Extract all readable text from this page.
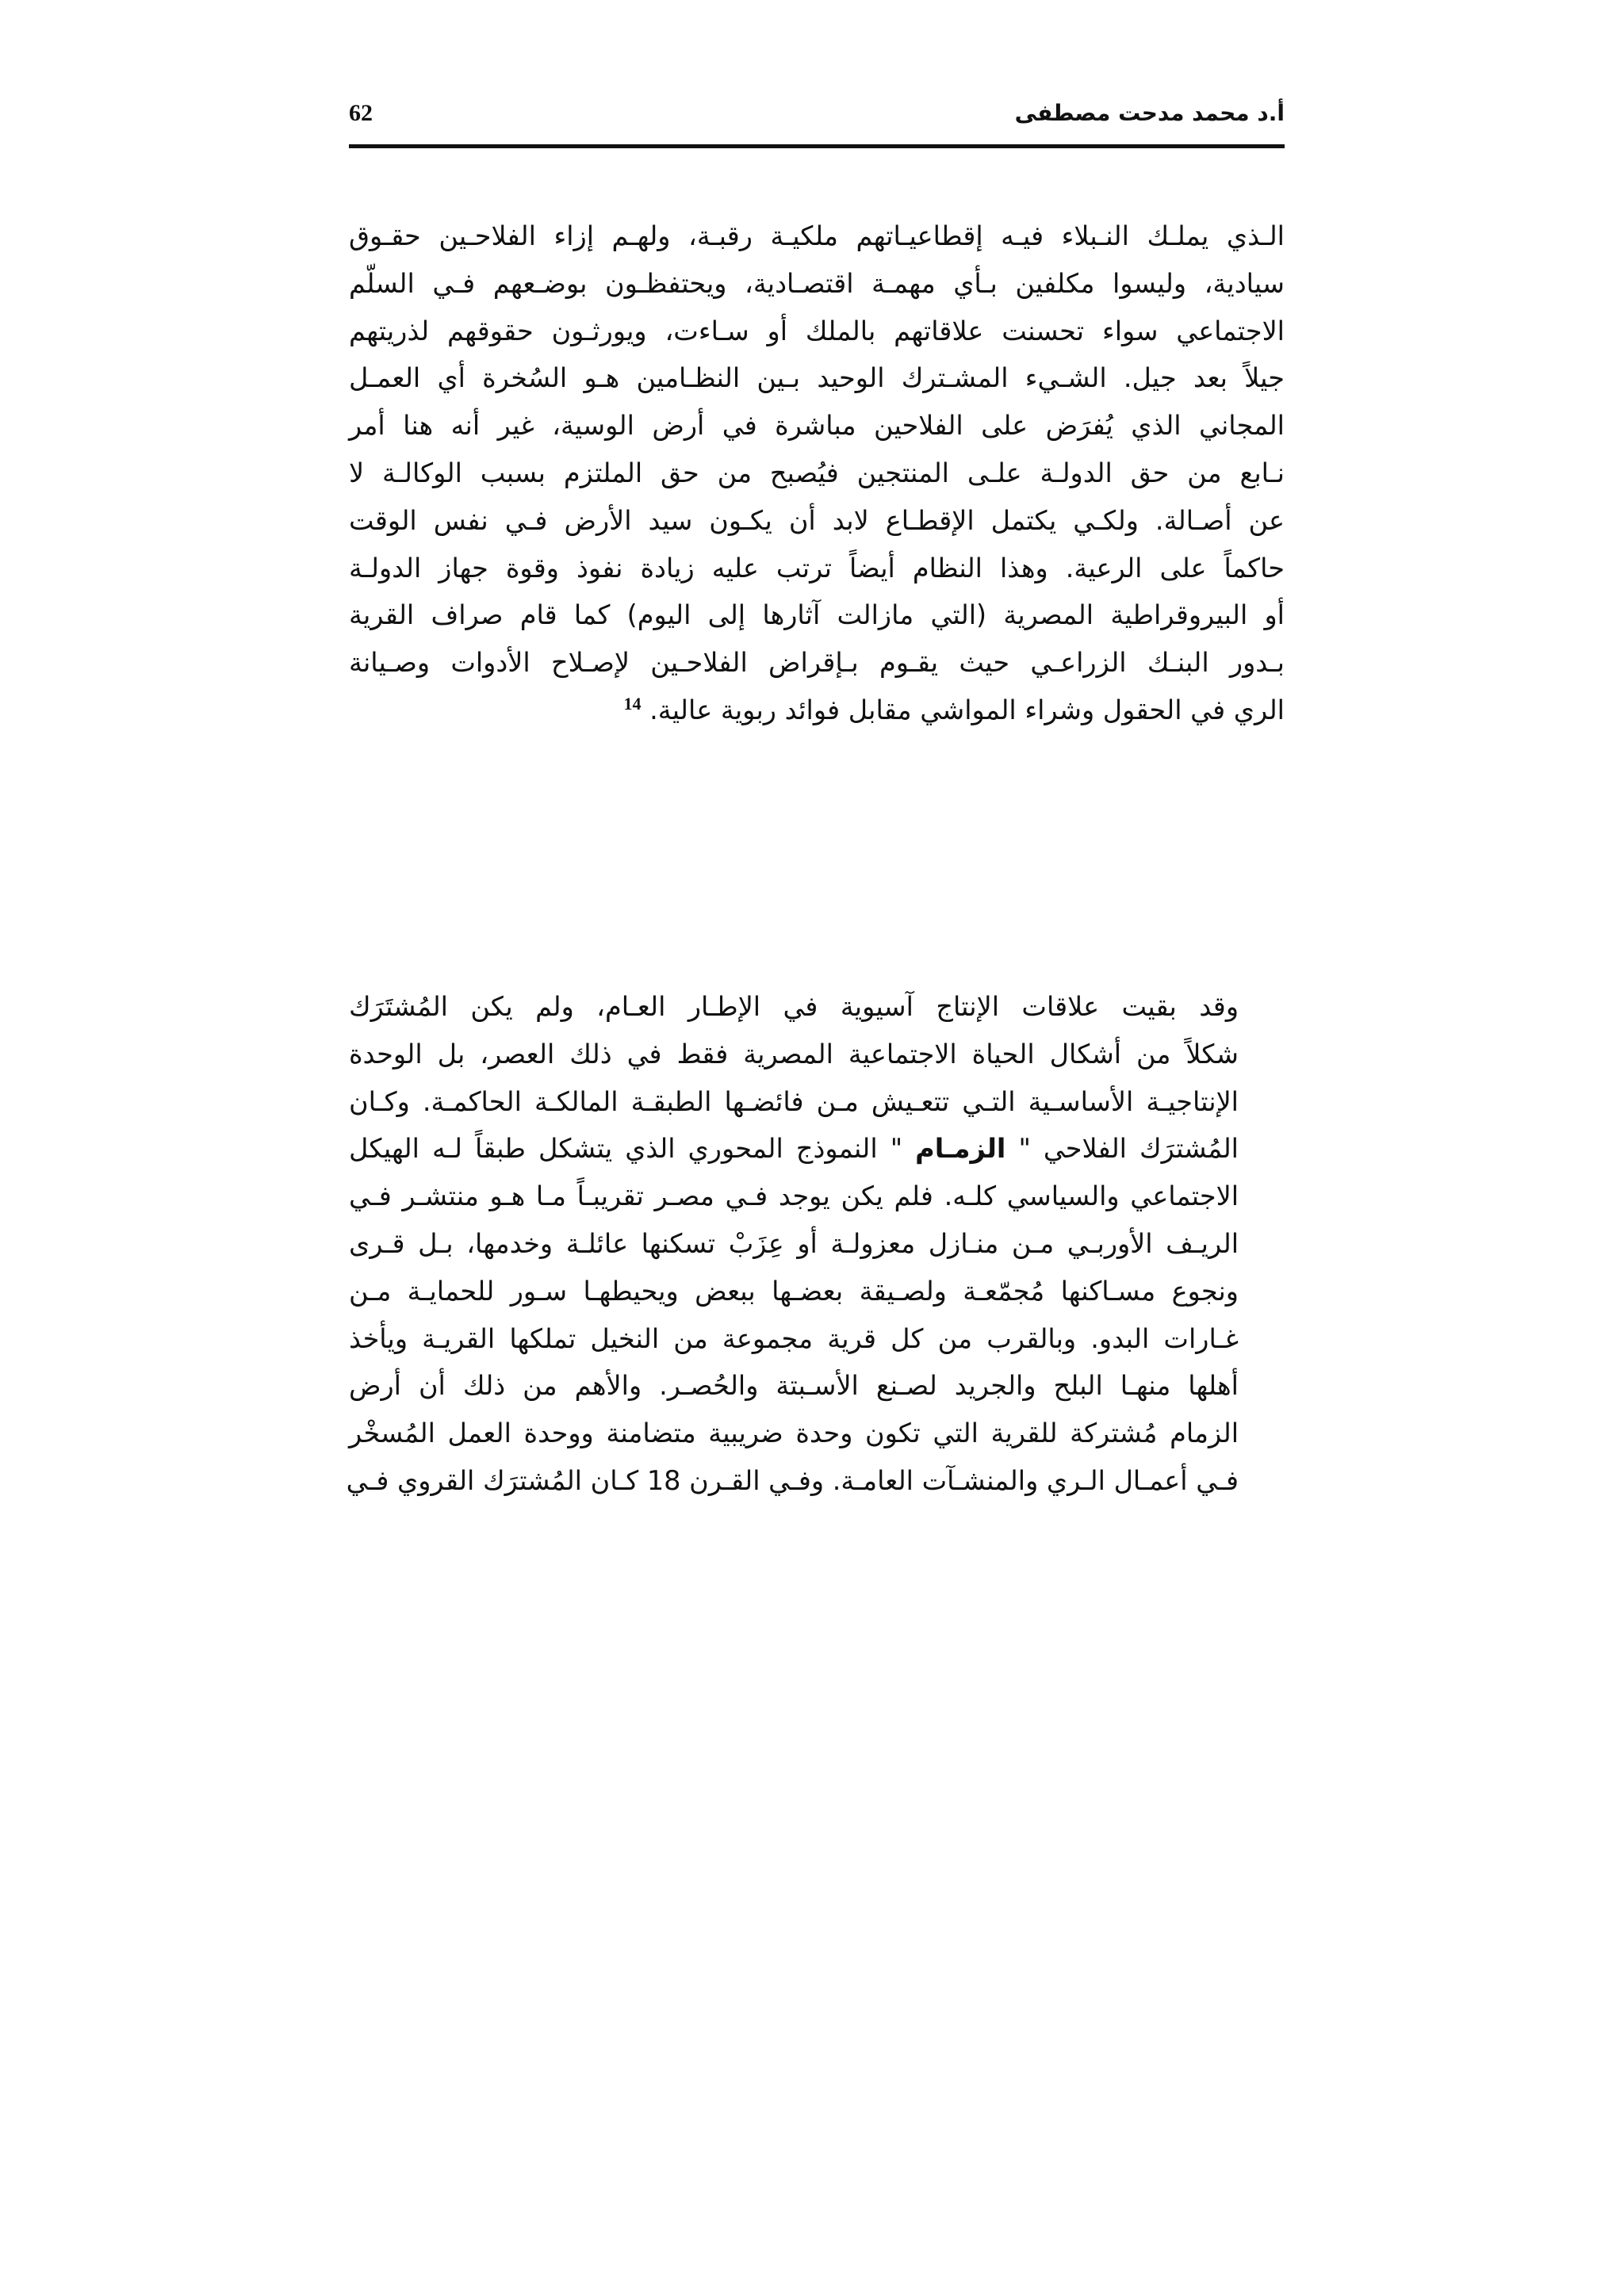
62	أ.د محمد مدحت مصطفى
الـذي يملـك النـبلاء فيـه إقطاعيـاتهم ملكيـة رقبـة، ولهـم إزاء الفلاحـين حقـوق
سيادية، وليسوا مكلفين بـأي مهمـة اقتصـادية، ويحتفظـون بوضـعهم فـي السلّم
الاجتماعي سواء تحسنت علاقاتهم بالملك أو سـاءت، ويورثـون حقوقهم لذريتهم
جيلاً بعد جيل. الشـيء المشـترك الوحيد بـين النظـامين هـو السُخرة أي العمـل
المجاني الذي يُفرَض على الفلاحين مباشرة في أرض الوسية، غير أنه هنا أمر
نـابع من حق الدولـة علـى المنتجين فيُصبح من حق الملتزم بسبب الوكالـة لا
عن أصـالة. ولكـي يكتمل الإقطـاع لابد أن يكـون سيد الأرض فـي نفس الوقت
حاكماً على الرعية. وهذا النظام أيضاً ترتب عليه زيادة نفوذ وقوة جهاز الدولـة
أو البيروقراطية المصرية (التي مازالت آثارها إلى اليوم) كما قام صراف القرية
بـدور البنـك الزراعـي حيث يقـوم بـإقراض الفلاحـين لإصـلاح الأدوات وصـيانة
الري في الحقول وشراء المواشي مقابل فوائد ربوية عالية. $^{14}$
وقد بقيت علاقات الإنتاج آسيوية في الإطـار العـام، ولم يكن المُشتَرَك
شكلاً من أشكال الحياة الاجتماعية المصرية فقط في ذلك العصر، بل الوحدة
الإنتاجيـة الأساسـية التـي تتعـيش مـن فائضـها الطبقـة المالكـة الحاكمـة. وكـان
المُشترَك الفلاحي " الزمـام " النموذج المحوري الذي يتشكل طبقاً لـه الهيكل
الاجتماعي والسياسي كلـه. فلم يكن يوجد فـي مصـر تقريبـاً مـا هـو منتشـر فـي
الريـف الأوربـي مـن منـازل معزولـة أو عِزَبْ تسكنها عائلـة وخدمها، بـل قـرى
ونجوع مسـاكنها مُجمّعـة ولصـيقة بعضـها ببعض ويحيطهـا سـور للحمايـة مـن
غـارات البدو. وبالقرب من كل قرية مجموعة من النخيل تملكها القريـة ويأخذ
أهلها منهـا البلح والجريد لصـنع الأسـبتة والحُصـر. والأهم من ذلك أن أرض
الزمام مُشتركة للقرية التي تكون وحدة ضريبية متضامنة ووحدة العمل المُسخْر
فـي أعمـال الـري والمنشـآت العامـة. وفـي القـرن 18 كـان المُشترَك القروي فـي
